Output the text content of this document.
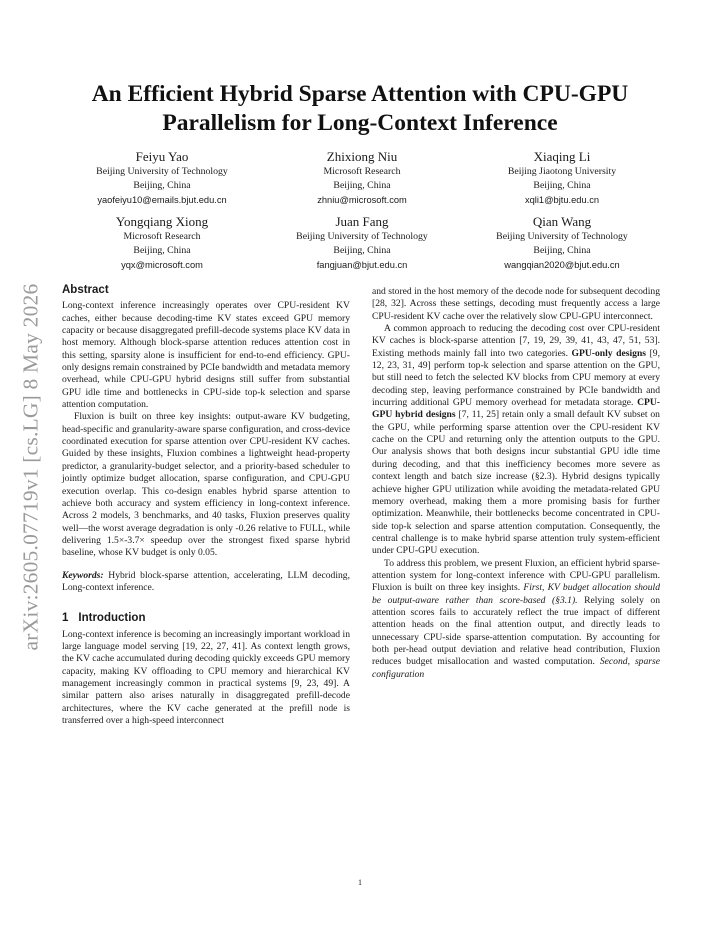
arXiv:2605.07719v1 [cs.LG] 8 May 2026
An Efficient Hybrid Sparse Attention with CPU-GPU
Parallelism for Long-Context Inference
Feiyu Yao
Beijing University of Technology
Beijing, China
yaofeiyu10@emails.bjut.edu.cn
Zhixiong Niu
Microsoft Research
Beijing, China
zhniu@microsoft.com
Xiaqing Li
Beijing Jiaotong University
Beijing, China
xqli1@bjtu.edu.cn
Yongqiang Xiong
Microsoft Research
Beijing, China
yqx@microsoft.com
Juan Fang
Beijing University of Technology
Beijing, China
fangjuan@bjut.edu.cn
Qian Wang
Beijing University of Technology
Beijing, China
wangqian2020@bjut.edu.cn
Abstract

Long-context inference increasingly operates over CPU-resident KV caches, either because decoding-time KV states exceed GPU memory capacity or because disaggregated prefill-decode systems place KV data in host memory. Although block-sparse attention reduces attention cost in this setting, sparsity alone is insufficient for end-to-end efficiency. GPU-only designs remain constrained by PCIe bandwidth and metadata memory overhead, while CPU-GPU hybrid designs still suffer from substantial GPU idle time and bottlenecks in CPU-side top-k selection and sparse attention computation.

Fluxion is built on three key insights: output-aware KV budgeting, head-specific and granularity-aware sparse configuration, and cross-device coordinated execution for sparse attention over CPU-resident KV caches. Guided by these insights, Fluxion combines a lightweight head-property predictor, a granularity-budget selector, and a priority-based scheduler to jointly optimize budget allocation, sparse configuration, and CPU-GPU execution overlap. This co-design enables hybrid sparse attention to achieve both accuracy and system efficiency in long-context inference. Across 2 models, 3 benchmarks, and 40 tasks, Fluxion preserves quality well—the worst average degradation is only -0.26 relative to FULL, while delivering 1.5×-3.7× speedup over the strongest fixed sparse hybrid baseline, whose KV budget is only 0.05.

Keywords: Hybrid block-sparse attention, accelerating, LLM decoding, Long-context inference.

1 Introduction

Long-context inference is becoming an increasingly important workload in large language model serving [19, 22, 27, 41]. As context length grows, the KV cache accumulated during decoding quickly exceeds GPU memory capacity, making KV offloading to CPU memory and hierarchical KV management increasingly common in practical systems [9, 23, 49]. A similar pattern also arises naturally in disaggregated prefill-decode architectures, where the KV cache generated at the prefill node is transferred over a high-speed interconnect

and stored in the host memory of the decode node for subsequent decoding [28, 32]. Across these settings, decoding must frequently access a large CPU-resident KV cache over the relatively slow CPU-GPU interconnect.

A common approach to reducing the decoding cost over CPU-resident KV caches is block-sparse attention [7, 19, 29, 39, 41, 43, 47, 51, 53]. Existing methods mainly fall into two categories. GPU-only designs [9, 12, 23, 31, 49] perform top-k selection and sparse attention on the GPU, but still need to fetch the selected KV blocks from CPU memory at every decoding step, leaving performance constrained by PCIe bandwidth and incurring additional GPU memory overhead for metadata storage. CPU-GPU hybrid designs [7, 11, 25] retain only a small default KV subset on the GPU, while performing sparse attention over the CPU-resident KV cache on the CPU and returning only the attention outputs to the GPU. Our analysis shows that both designs incur substantial GPU idle time during decoding, and that this inefficiency becomes more severe as context length and batch size increase (§2.3). Hybrid designs typically achieve higher GPU utilization while avoiding the metadata-related GPU memory overhead, making them a more promising basis for further optimization. Meanwhile, their bottlenecks become concentrated in CPU-side top-k selection and sparse attention computation. Consequently, the central challenge is to make hybrid sparse attention truly system-efficient under CPU-GPU execution.

To address this problem, we present Fluxion, an efficient hybrid sparse-attention system for long-context inference with CPU-GPU parallelism. Fluxion is built on three key insights. First, KV budget allocation should be output-aware rather than score-based (§3.1). Relying solely on attention scores fails to accurately reflect the true impact of different attention heads on the final attention output, and directly leads to unnecessary CPU-side sparse-attention computation. By accounting for both per-head output deviation and relative head contribution, Fluxion reduces budget misallocation and wasted computation. Second, sparse configuration

1
